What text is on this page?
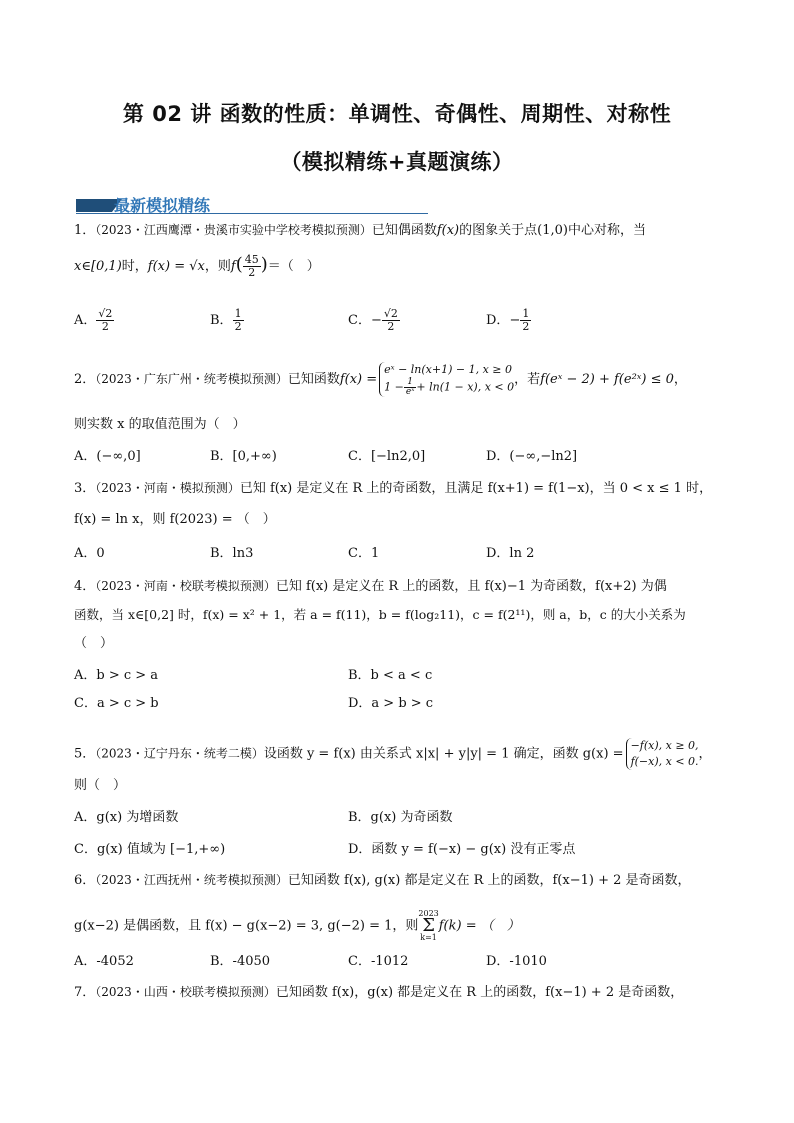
第 02 讲 函数的性质：单调性、奇偶性、周期性、对称性
（模拟精练+真题演练）
最新模拟精练
1．（2023・江西鹰潭・贵溪市实验中学校考模拟预测）已知偶函数f(x)的图象关于点(1,0)中心对称，当
x∈[0,1)时，f(x) = √x，则$f( \frac{45}{2}$ )＝（　）
A． $\frac{√2}{2}$	B． $\frac{1}{2}$	C．− $\frac{√2}{2}$	D．− $\frac{1}{2}$
2．（2023・广东广州・统考模拟预测）已知函数f(x) =
eˣ − ln(x+1) − 1, x ≥ 0
$1 - \frac{1}{\text{eˣ}} + \ln(1 - x)$, x < 0 ，若f(eˣ − 2) + f(e²ˣ) ≤ 0，
则实数 x 的取值范围为（　）
A．(−∞,0]	B．[0,+∞)	C．[−ln2,0]	D．(−∞,−ln2]
3．（2023・河南・模拟预测）已知 f(x) 是定义在 R 上的奇函数，且满足 f(x+1) = f(1−x)，当 0 < x ≤ 1 时，
f(x) = ln x，则 f(2023) = （　）
A．0	B．ln3	C．1	D．ln 2
4．（2023・河南・校联考模拟预测）已知 f(x) 是定义在 R 上的函数，且 f(x)−1 为奇函数，f(x+2) 为偶
函数，当 x∈[0,2] 时，f(x) = x² + 1，若 a = f(11)，b = f(log₂11)，c = f(2¹¹)，则 a，b，c 的大小关系为
（　）
A．b > c > a	B．b < a < c
C．a > c > b	D．a > b > c
5．（2023・辽宁丹东・统考二模）设函数 y = f(x) 由关系式 x|x| + y|y| = 1 确定，函数 g(x) =
−f(x), x ≥ 0,
f(−x), x < 0. ，
则（　）
A．g(x) 为增函数	B．g(x) 为奇函数
C．g(x) 值域为 [−1,+∞)	D．函数 y = f(−x) − g(x) 没有正零点
6．（2023・江西抚州・统考模拟预测）已知函数 f(x), g(x) 都是定义在 R 上的函数，f(x−1) + 2 是奇函数，
g(x−2) 是偶函数，且 f(x) − g(x−2) = 3, g(−2) = 1，则2023
Σ
k=1f(k) = （　）
A．-4052	B．-4050	C．-1012	D．-1010
7．（2023・山西・校联考模拟预测）已知函数 f(x)，g(x) 都是定义在 R 上的函数，f(x−1) + 2 是奇函数，
